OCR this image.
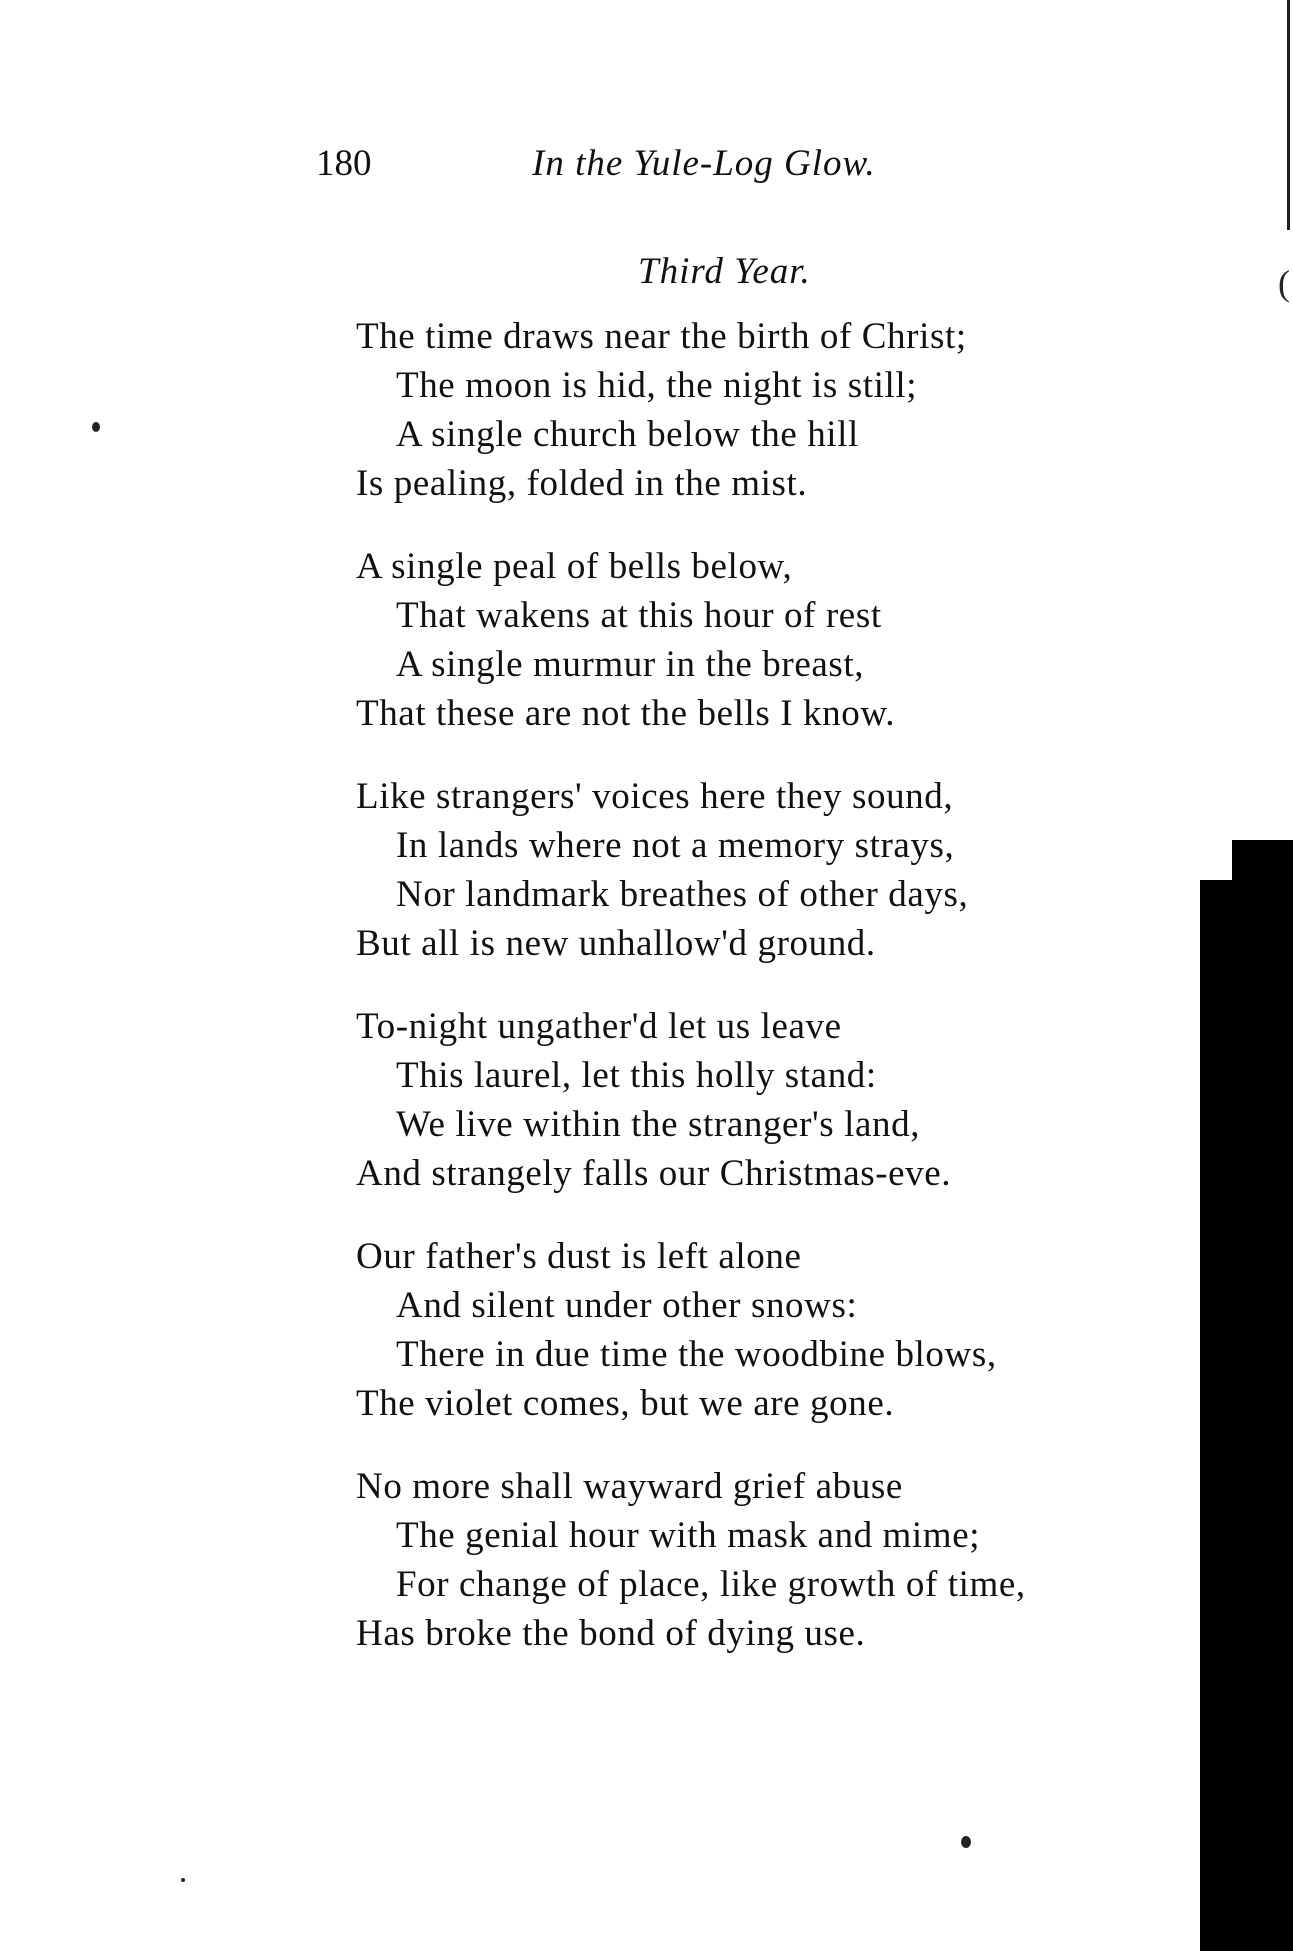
180	In the Yule-Log Glow.
Third Year.
The time draws near the birth of Christ;
The moon is hid, the night is still;
A single church below the hill
Is pealing, folded in the mist.
A single peal of bells below,
That wakens at this hour of rest
A single murmur in the breast,
That these are not the bells I know.
Like strangers' voices here they sound,
In lands where not a memory strays,
Nor landmark breathes of other days,
But all is new unhallow'd ground.
To-night ungather'd let us leave
This laurel, let this holly stand:
We live within the stranger's land,
And strangely falls our Christmas-eve.
Our father's dust is left alone
And silent under other snows:
There in due time the woodbine blows,
The violet comes, but we are gone.
No more shall wayward grief abuse
The genial hour with mask and mime;
For change of place, like growth of time,
Has broke the bond of dying use.
(
